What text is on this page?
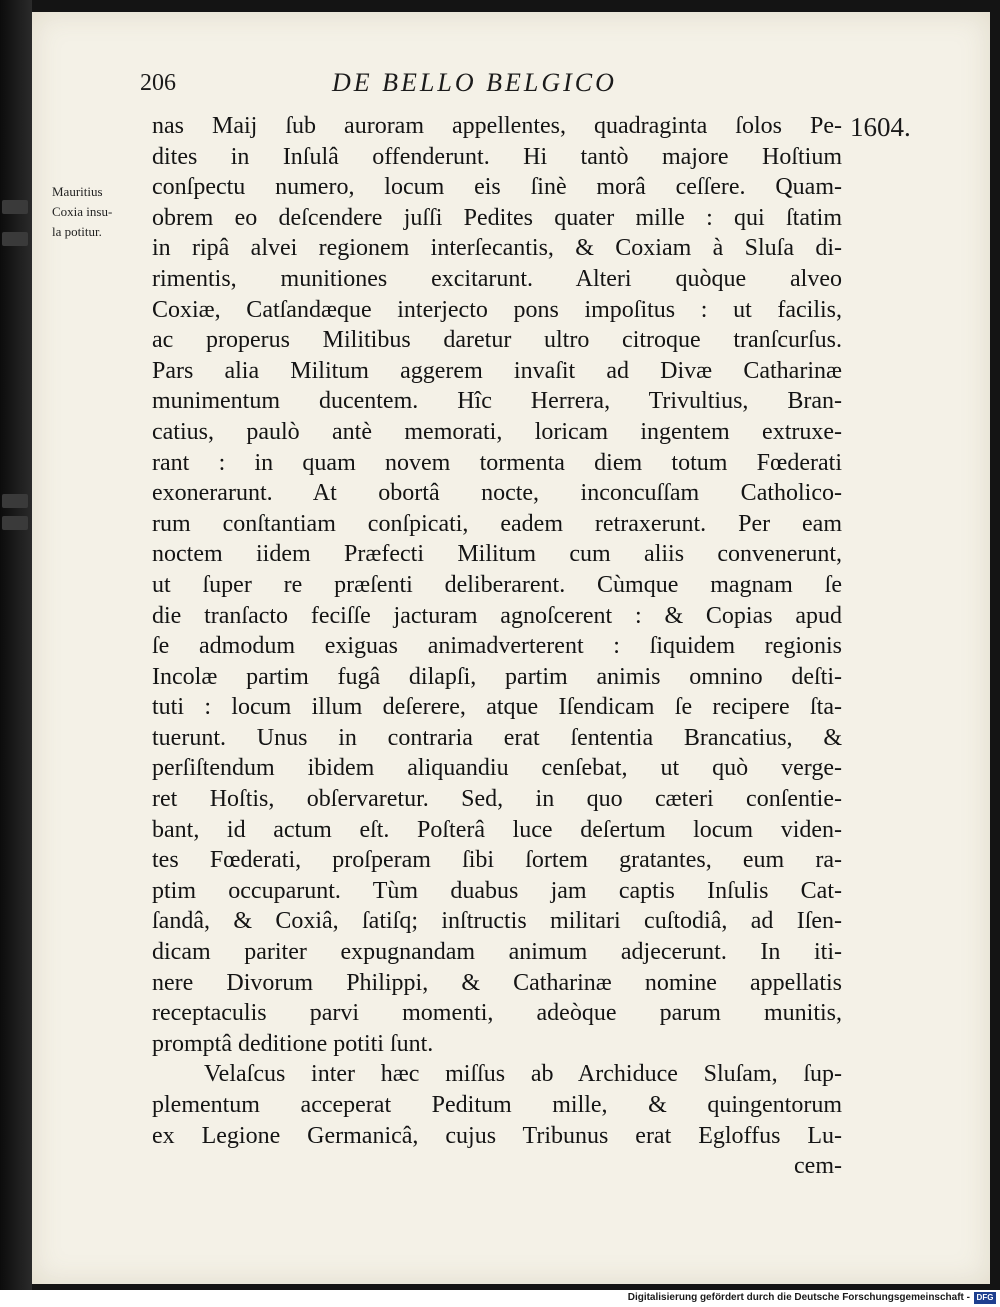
206	DE BELLO BELGICO
1604.
Mauritius
Coxia insu-
la potitur.
nas Maij ſub auroram appellentes, quadraginta ſolos Pe-
dites in Inſulâ offenderunt. Hi tantò majore Hoſtium
conſpectu numero, locum eis ſinè morâ ceſſere. Quam-
obrem eo deſcendere juſſi Pedites quater mille : qui ſtatim
in ripâ alvei regionem interſecantis, & Coxiam à Sluſa di-
rimentis, munitiones excitarunt. Alteri quòque alveo
Coxiæ, Catſandæque interjecto pons impoſitus : ut facilis,
ac properus Militibus daretur ultro citroque tranſcurſus.
Pars alia Militum aggerem invaſit ad Divæ Catharinæ
munimentum ducentem. Hîc Herrera, Trivultius, Bran-
catius, paulò antè memorati, loricam ingentem extruxe-
rant : in quam novem tormenta diem totum Fœderati
exonerarunt. At obortâ nocte, inconcuſſam Catholico-
rum conſtantiam conſpicati, eadem retraxerunt. Per eam
noctem iidem Præfecti Militum cum aliis convenerunt,
ut ſuper re præſenti deliberarent. Cùmque magnam ſe
die tranſacto feciſſe jacturam agnoſcerent : & Copias apud
ſe admodum exiguas animadverterent : ſiquidem regionis
Incolæ partim fugâ dilapſi, partim animis omnino deſti-
tuti : locum illum deſerere, atque Iſendicam ſe recipere ſta-
tuerunt. Unus in contraria erat ſententia Brancatius, &
perſiſtendum ibidem aliquandiu cenſebat, ut quò verge-
ret Hoſtis, obſervaretur. Sed, in quo cæteri conſentie-
bant, id actum eſt. Poſterâ luce deſertum locum viden-
tes Fœderati, proſperam ſibi ſortem gratantes, eum ra-
ptim occuparunt. Tùm duabus jam captis Inſulis Cat-
ſandâ, & Coxiâ, ſatiſq; inſtructis militari cuſtodiâ, ad Iſen-
dicam pariter expugnandam animum adjecerunt. In iti-
nere Divorum Philippi, & Catharinæ nomine appellatis
receptaculis parvi momenti, adeòque parum munitis,
promptâ deditione potiti ſunt.
Velaſcus inter hæc miſſus ab Archiduce Sluſam, ſup-
plementum acceperat Peditum mille, & quingentorum
ex Legione Germanicâ, cujus Tribunus erat Egloffus Lu-
cem-
Digitalisierung gefördert durch die Deutsche Forschungsgemeinschaft - DFG
